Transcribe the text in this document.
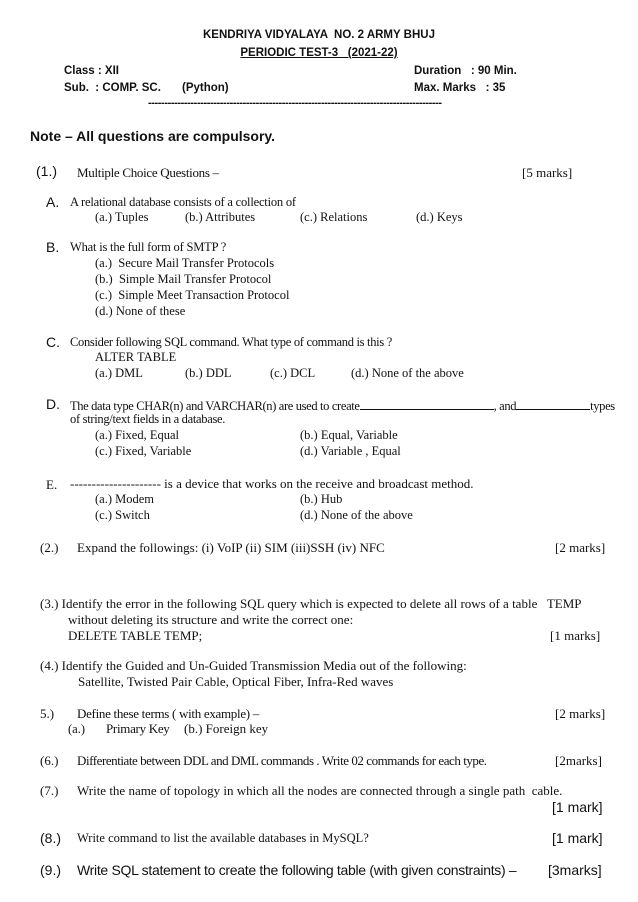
KENDRIYA VIDYALAYA  NO. 2 ARMY BHUJ
PERIODIC TEST-3   (2021-22)
Class : XII
Sub.  : COMP. SC. (Python)
Duration   : 90 Min.
Max. Marks   : 35
------------------------------------------------------------------------------------------
Note – All questions are compulsory.
(1.) Multiple Choice Questions –	[5 marks]
A. A relational database consists of a collection of
(a.) Tuples	(b.) Attributes	(c.) Relations	(d.) Keys
B. What is the full form of SMTP ?
(a.)  Secure Mail Transfer Protocols
(b.)  Simple Mail Transfer Protocol
(c.)  Simple Meet Transaction Protocol
(d.) None of these
C. Consider following SQL command. What type of command is this ?
ALTER TABLE
(a.) DML	(b.) DDL	(c.) DCL	(d.) None of the above
D. The data type CHAR(n) and VARCHAR(n) are used to create	, and	types
of string/text fields in a database.
(a.) Fixed, Equal	(b.) Equal, Variable
(c.) Fixed, Variable	(d.) Variable , Equal
E. --------------------- is a device that works on the receive and broadcast method.
(a.) Modem	(b.) Hub
(c.) Switch	(d.) None of the above
(2.) Expand the followings: (i) VoIP (ii) SIM (iii)SSH (iv) NFC	[2 marks]
(3.) Identify the error in the following SQL query which is expected to delete all rows of a table   TEMP
without deleting its structure and write the correct one:
DELETE TABLE TEMP;	[1 marks]
(4.) Identify the Guided and Un-Guided Transmission Media out of the following:
Satellite, Twisted Pair Cable, Optical Fiber, Infra-Red waves
5.) Define these terms ( with example) –	[2 marks]
(a.) Primary Key (b.) Foreign key
(6.) Differentiate between DDL and DML commands . Write 02 commands for each type.	[2marks]
(7.) Write the name of topology in which all the nodes are connected through a single path  cable.
[1 mark]
(8.) Write command to list the available databases in MySQL?	[1 mark]
(9.) Write SQL statement to create the following table (with given constraints) – [3marks]
